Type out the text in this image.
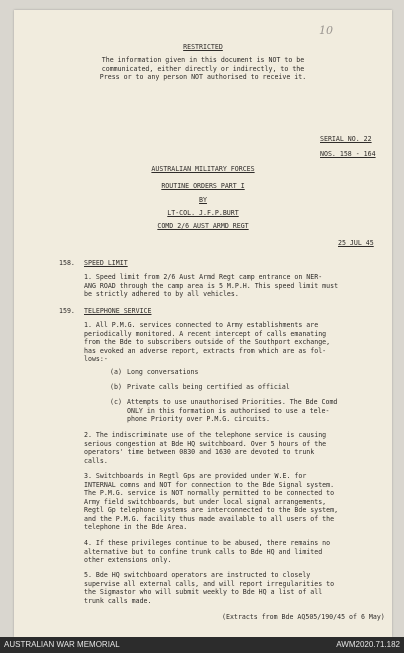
10
RESTRICTED
The information given in this document is NOT to be
communicated, either directly or indirectly, to the
Press or to any person NOT authorised to receive it.
SERIAL NO. 22
NOS. 158 - 164
AUSTRALIAN MILITARY FORCES
ROUTINE ORDERS PART I
BY
LT-COL. J.F.P.BURT
COMD 2/6 AUST ARMD REGT
25 JUL 45
158. SPEED LIMIT
1. Speed limit from 2/6 Aust Armd Regt camp entrance on NER-
ANG ROAD through the camp area is 5 M.P.H. This speed limit must
be strictly adhered to by all vehicles.
159. TELEPHONE SERVICE
1. All P.M.G. services connected to Army establishments are
periodically monitored. A recent intercept of calls emanating
from the Bde to subscribers outside of the Southport exchange,
has evoked an adverse report, extracts from which are as fol-
lows:-
(a) Long conversations
(b) Private calls being certified as official
(c) Attempts to use unauthorised Priorities. The Bde Comd
ONLY in this formation is authorised to use a tele-
phone Priority over P.M.G. circuits.
2. The indiscriminate use of the telephone service is causing
serious congestion at Bde HQ switchboard. Over 5 hours of the
operators' time between 0830 and 1630 are devoted to trunk
calls.
3. Switchboards in Regtl Gps are provided under W.E. for
INTERNAL comns and NOT for connection to the Bde Signal system.
The P.M.G. service is NOT normally permitted to be connected to
Army field switchboards, but under local signal arrangements,
Regtl Gp telephone systems are interconnected to the Bde system,
and the P.M.G. facility thus made available to all users of the
telephone in the Bde Area.
4. If these privileges continue to be abused, there remains no
alternative but to confine trunk calls to Bde HQ and limited
other extensions only.
5. Bde HQ switchboard operators are instructed to closely
supervise all external calls, and will report irregularities to
the Sigmastor who will submit weekly to Bde HQ a list of all
trunk calls made.
(Extracts from Bde AQ505/190/45 of 6 May)
AUSTRALIAN WAR MEMORIAL	AWM2020.71.182
